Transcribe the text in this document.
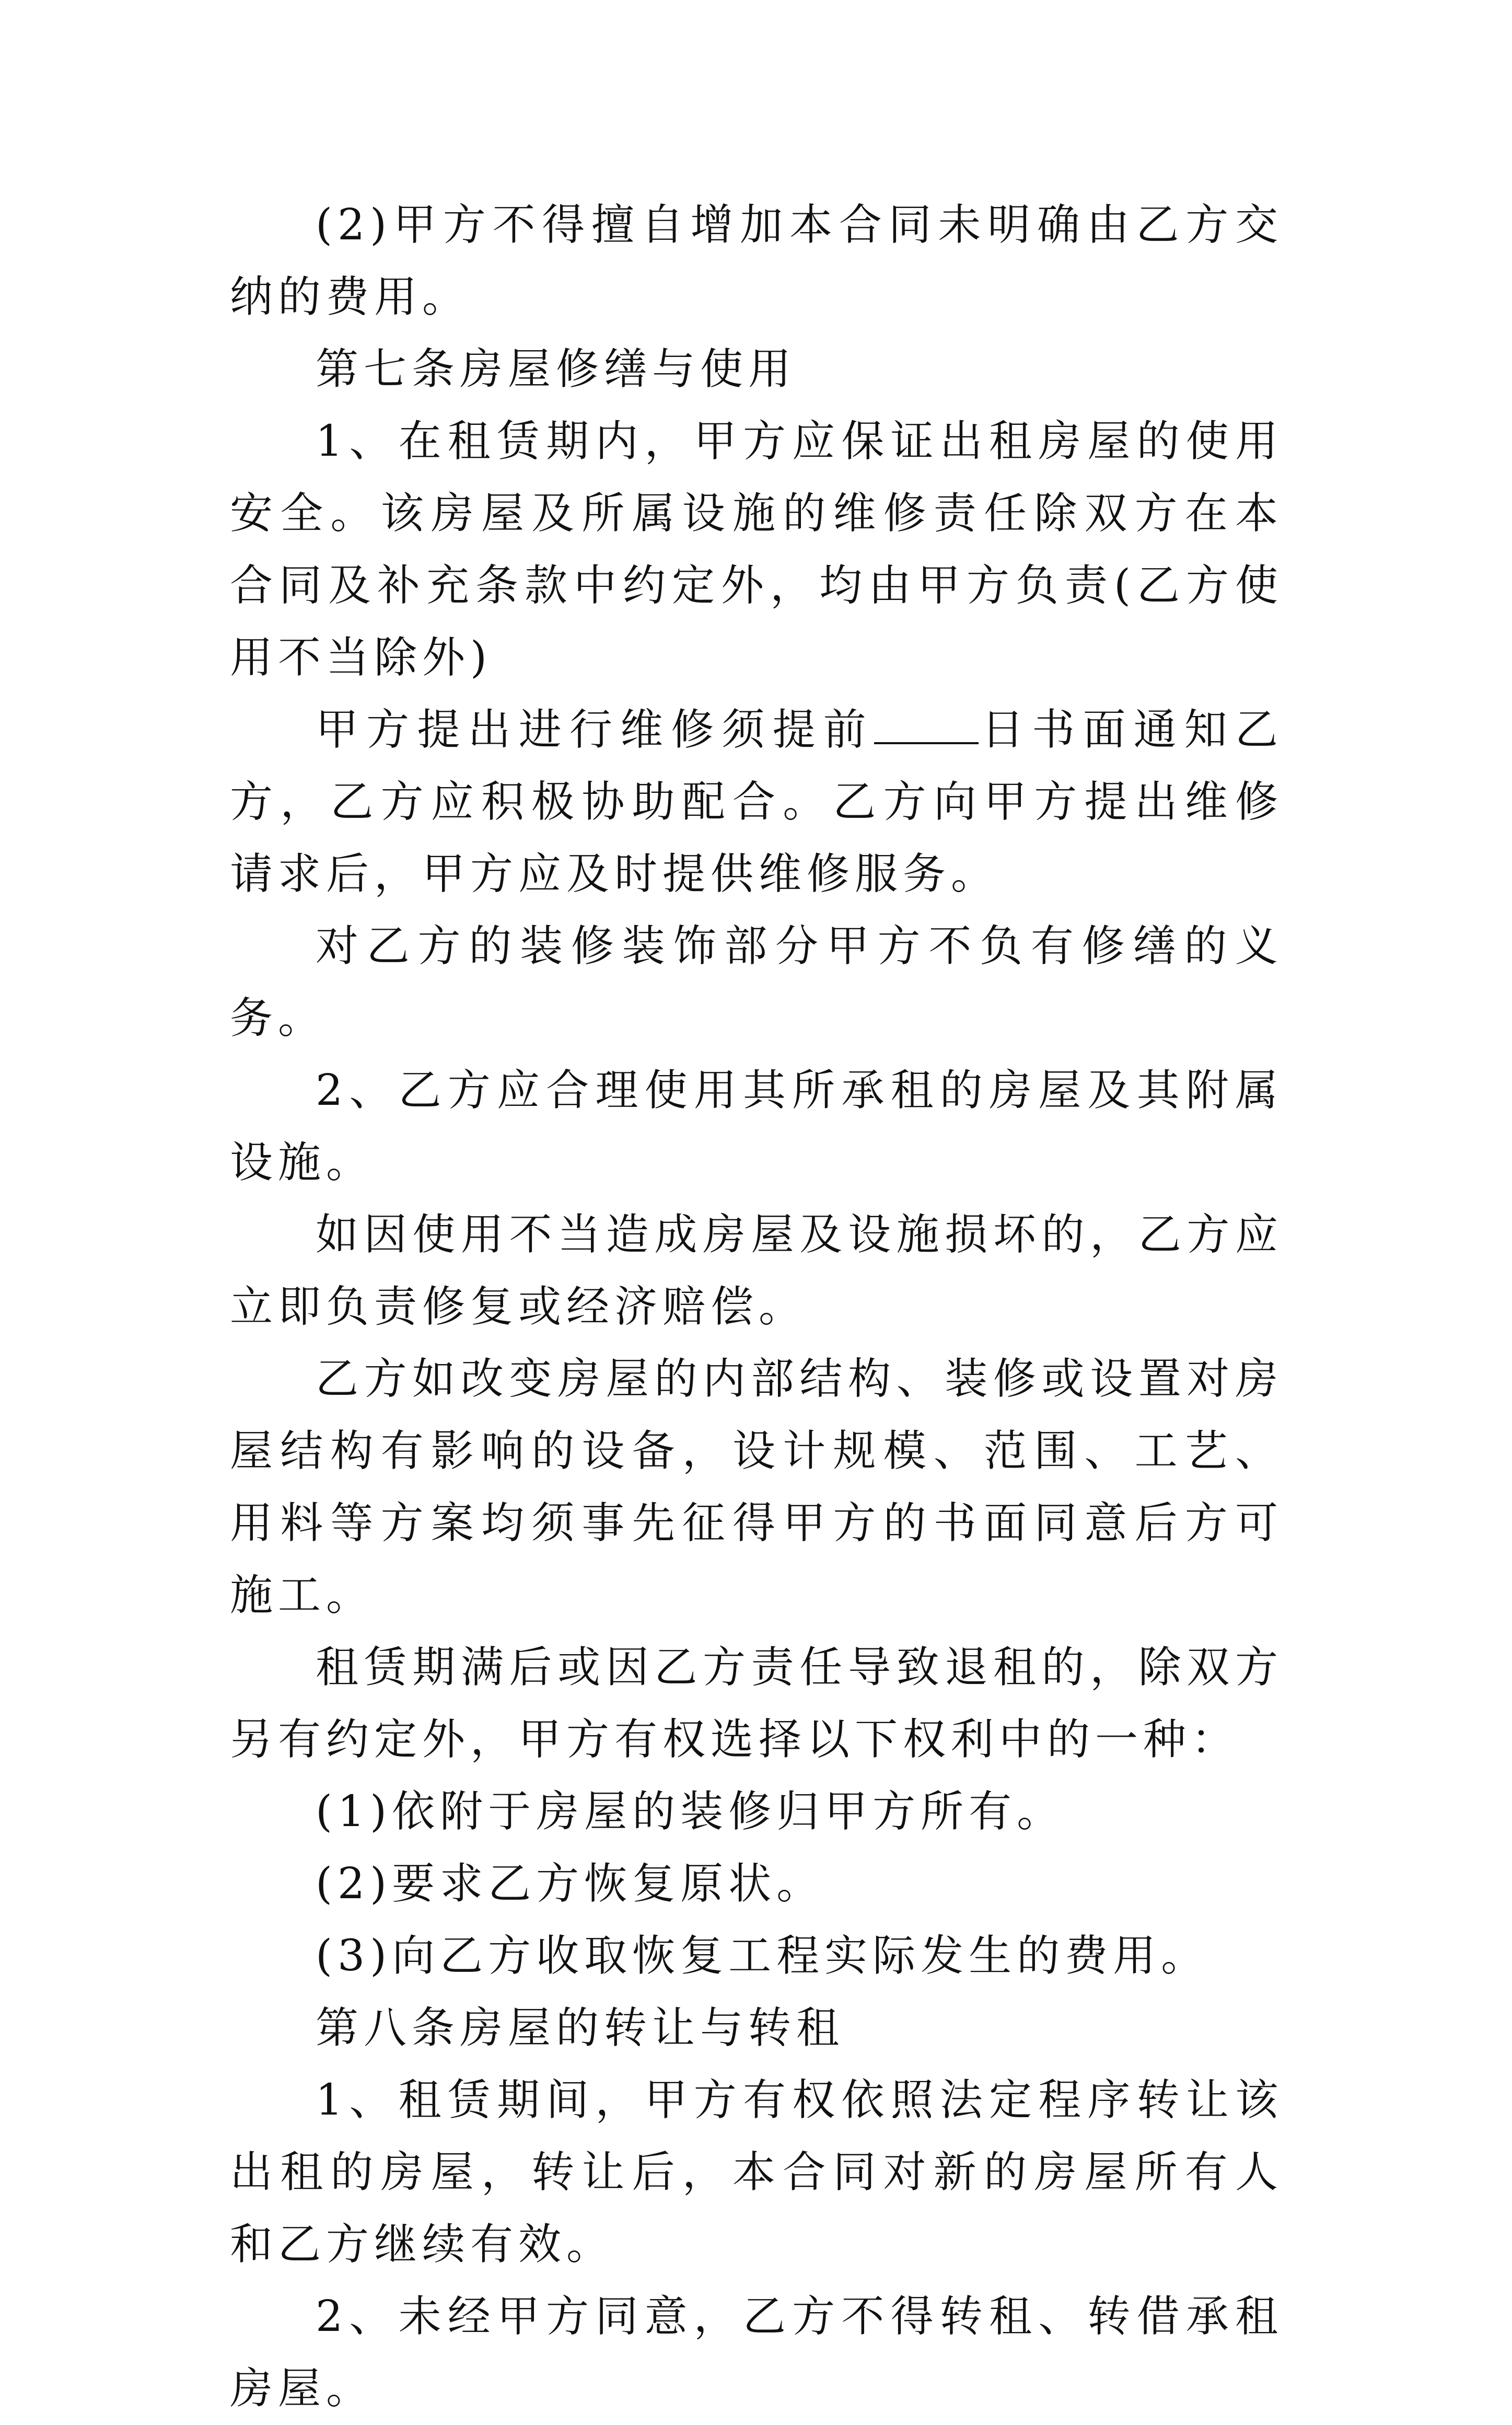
(2)甲方不得擅自增加本合同未明确由乙方交纳的费用。

第七条房屋修缮与使用

1、在租赁期内，甲方应保证出租房屋的使用安全。该房屋及所属设施的维修责任除双方在本合同及补充条款中约定外，均由甲方负责(乙方使用不当除外)

甲方提出进行维修须提前 日书面通知乙方，乙方应积极协助配合。乙方向甲方提出维修请求后，甲方应及时提供维修服务。

对乙方的装修装饰部分甲方不负有修缮的义务。

2、乙方应合理使用其所承租的房屋及其附属设施。

如因使用不当造成房屋及设施损坏的，乙方应立即负责修复或经济赔偿。

乙方如改变房屋的内部结构、装修或设置对房屋结构有影响的设备，设计规模、范围、工艺、用料等方案均须事先征得甲方的书面同意后方可施工。

租赁期满后或因乙方责任导致退租的，除双方另有约定外，甲方有权选择以下权利中的一种：

(1)依附于房屋的装修归甲方所有。

(2)要求乙方恢复原状。

(3)向乙方收取恢复工程实际发生的费用。

第八条房屋的转让与转租

1、租赁期间，甲方有权依照法定程序转让该出租的房屋，转让后，本合同对新的房屋所有人和乙方继续有效。

2、未经甲方同意，乙方不得转租、转借承租房屋。
